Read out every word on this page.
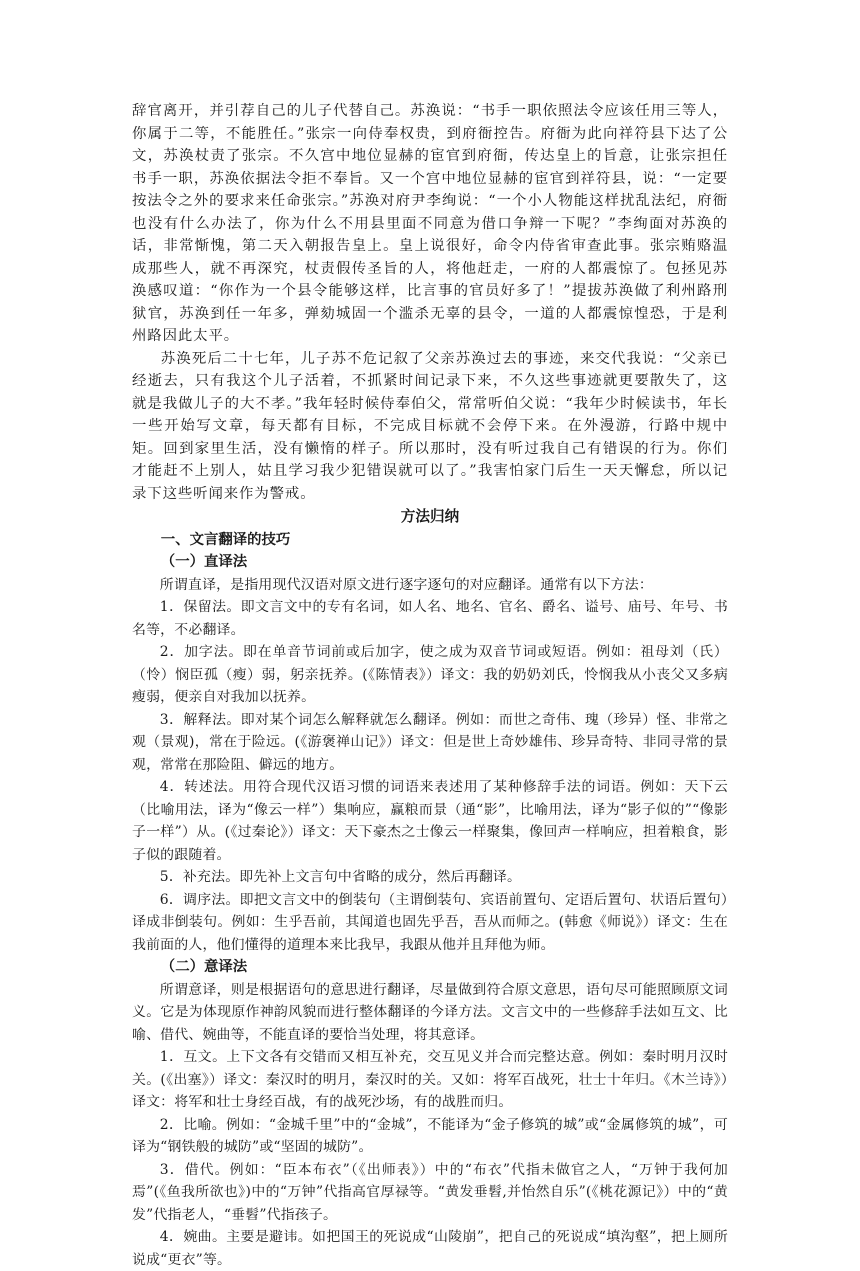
辞官离开，并引荐自己的儿子代替自己。苏涣说：“书手一职依照法令应该任用三等人，你属于二等，不能胜任。”张宗一向侍奉权贵，到府衙控告。府衙为此向祥符县下达了公文，苏涣杖责了张宗。不久宫中地位显赫的宦官到府衙，传达皇上的旨意，让张宗担任书手一职，苏涣依据法令拒不奉旨。又一个宫中地位显赫的宦官到祥符县，说：“一定要按法令之外的要求来任命张宗。”苏涣对府尹李绚说：“一个小人物能这样扰乱法纪，府衙也没有什么办法了，你为什么不用县里面不同意为借口争辩一下呢？”李绚面对苏涣的话，非常惭愧，第二天入朝报告皇上。皇上说很好，命令内侍省审查此事。张宗贿赂温成那些人，就不再深究，杖责假传圣旨的人，将他赶走，一府的人都震惊了。包拯见苏涣感叹道：“你作为一个县令能够这样，比言事的官员好多了！”提拔苏涣做了利州路刑狱官，苏涣到任一年多，弹劾城固一个滥杀无辜的县令，一道的人都震惊惶恐，于是利州路因此太平。

苏涣死后二十七年，儿子苏不危记叙了父亲苏涣过去的事迹，来交代我说：“父亲已经逝去，只有我这个儿子活着，不抓紧时间记录下来，不久这些事迹就更要散失了，这就是我做儿子的大不孝。”我年轻时候侍奉伯父，常常听伯父说：“我年少时候读书，年长一些开始写文章，每天都有目标，不完成目标就不会停下来。在外漫游，行路中规中矩。回到家里生活，没有懒惰的样子。所以那时，没有听过我自己有错误的行为。你们才能赶不上别人，姑且学习我少犯错误就可以了。”我害怕家门后生一天天懈怠，所以记录下这些听闻来作为警戒。

方法归纳

一、文言翻译的技巧

（一）直译法

所谓直译，是指用现代汉语对原文进行逐字逐句的对应翻译。通常有以下方法：

1．保留法。即文言文中的专有名词，如人名、地名、官名、爵名、谥号、庙号、年号、书名等，不必翻译。

2．加字法。即在单音节词前或后加字，使之成为双音节词或短语。例如：祖母刘（氏）（怜）悯臣孤（瘦）弱，躬亲抚养。(《陈情表》）译文：我的奶奶刘氏，怜悯我从小丧父又多病瘦弱，便亲自对我加以抚养。

3．解释法。即对某个词怎么解释就怎么翻译。例如：而世之奇伟、瑰（珍异）怪、非常之观（景观)，常在于险远。(《游褒禅山记》）译文：但是世上奇妙雄伟、珍异奇特、非同寻常的景观，常常在那险阻、僻远的地方。

4．转述法。用符合现代汉语习惯的词语来表述用了某种修辞手法的词语。例如：天下云（比喻用法，译为“像云一样”）集响应，赢粮而景（通“影”，比喻用法，译为“影子似的”“像影子一样”）从。(《过秦论》）译文：天下豪杰之士像云一样聚集，像回声一样响应，担着粮食，影子似的跟随着。

5．补充法。即先补上文言句中省略的成分，然后再翻译。

6．调序法。即把文言文中的倒装句（主谓倒装句、宾语前置句、定语后置句、状语后置句）译成非倒装句。例如：生乎吾前，其闻道也固先乎吾，吾从而师之。(韩愈《师说》）译文：生在我前面的人，他们懂得的道理本来比我早，我跟从他并且拜他为师。

（二）意译法

所谓意译，则是根据语句的意思进行翻译，尽量做到符合原文意思，语句尽可能照顾原文词义。它是为体现原作神韵风貌而进行整体翻译的今译方法。文言文中的一些修辞手法如互文、比喻、借代、婉曲等，不能直译的要恰当处理，将其意译。

1．互文。上下文各有交错而又相互补充，交互见义并合而完整达意。例如：秦时明月汉时关。(《出塞》）译文：秦汉时的明月，秦汉时的关。又如：将军百战死，壮士十年归。《木兰诗》）译文：将军和壮士身经百战，有的战死沙场，有的战胜而归。

2．比喻。例如：“金城千里”中的“金城”，不能译为“金子修筑的城”或“金属修筑的城”，可译为“钢铁般的城防”或“坚固的城防”。

3．借代。例如：“臣本布衣”（《出师表》）中的“布衣”代指未做官之人，“万钟于我何加焉”(《鱼我所欲也》)中的“万钟”代指高官厚禄等。“黄发垂髫,并怡然自乐”(《桃花源记》）中的“黄发”代指老人，“垂髫”代指孩子。

4．婉曲。主要是避讳。如把国王的死说成“山陵崩”，把自己的死说成“填沟壑”，把上厕所说成“更衣”等。
